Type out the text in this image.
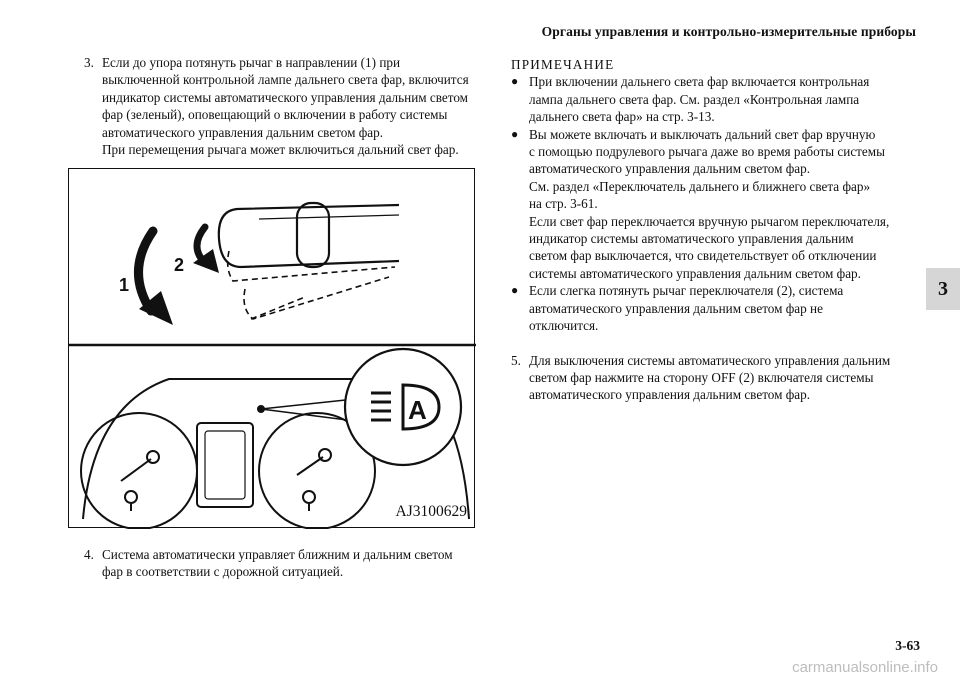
Органы управления и контрольно-измерительные приборы
3
3. Если до упора потянуть рычаг в направлении (1) при

выключенной контрольной лампе дальнего света фар, включится

индикатор системы автоматического управления дальним светом

фар (зеленый), оповещающий о включении в работу системы

автоматического управления дальним светом фар.

При перемещения рычага может включиться дальний свет фар.

1
2
A
AJ3100629
4. Система автоматически управляет ближним и дальним светом

фар в соответствии с дорожной ситуацией.

ПРИМЕЧАНИЕ
● При включении дальнего света фар включается контрольная

лампа дальнего света фар. См. раздел «Контрольная лампа

дальнего света фар» на стр. 3-13.

● Вы можете включать и выключать дальний свет фар вручную

с помощью подрулевого рычага даже во время работы системы

автоматического управления дальним светом фар.

См. раздел «Переключатель дальнего и ближнего света фар»

на стр. 3-61.

Если свет фар переключается вручную рычагом переключателя,

индикатор системы автоматического управления дальним

светом фар выключается, что свидетельствует об отключении

системы автоматического управления дальним светом фар.

● Если слегка потянуть рычаг переключателя (2), система

автоматического управления дальним светом фар не

отключится.

5. Для выключения системы автоматического управления дальним

светом фар нажмите на сторону OFF (2) включателя системы

автоматического управления дальним светом фар.

3-63
carmanualsonline.info
